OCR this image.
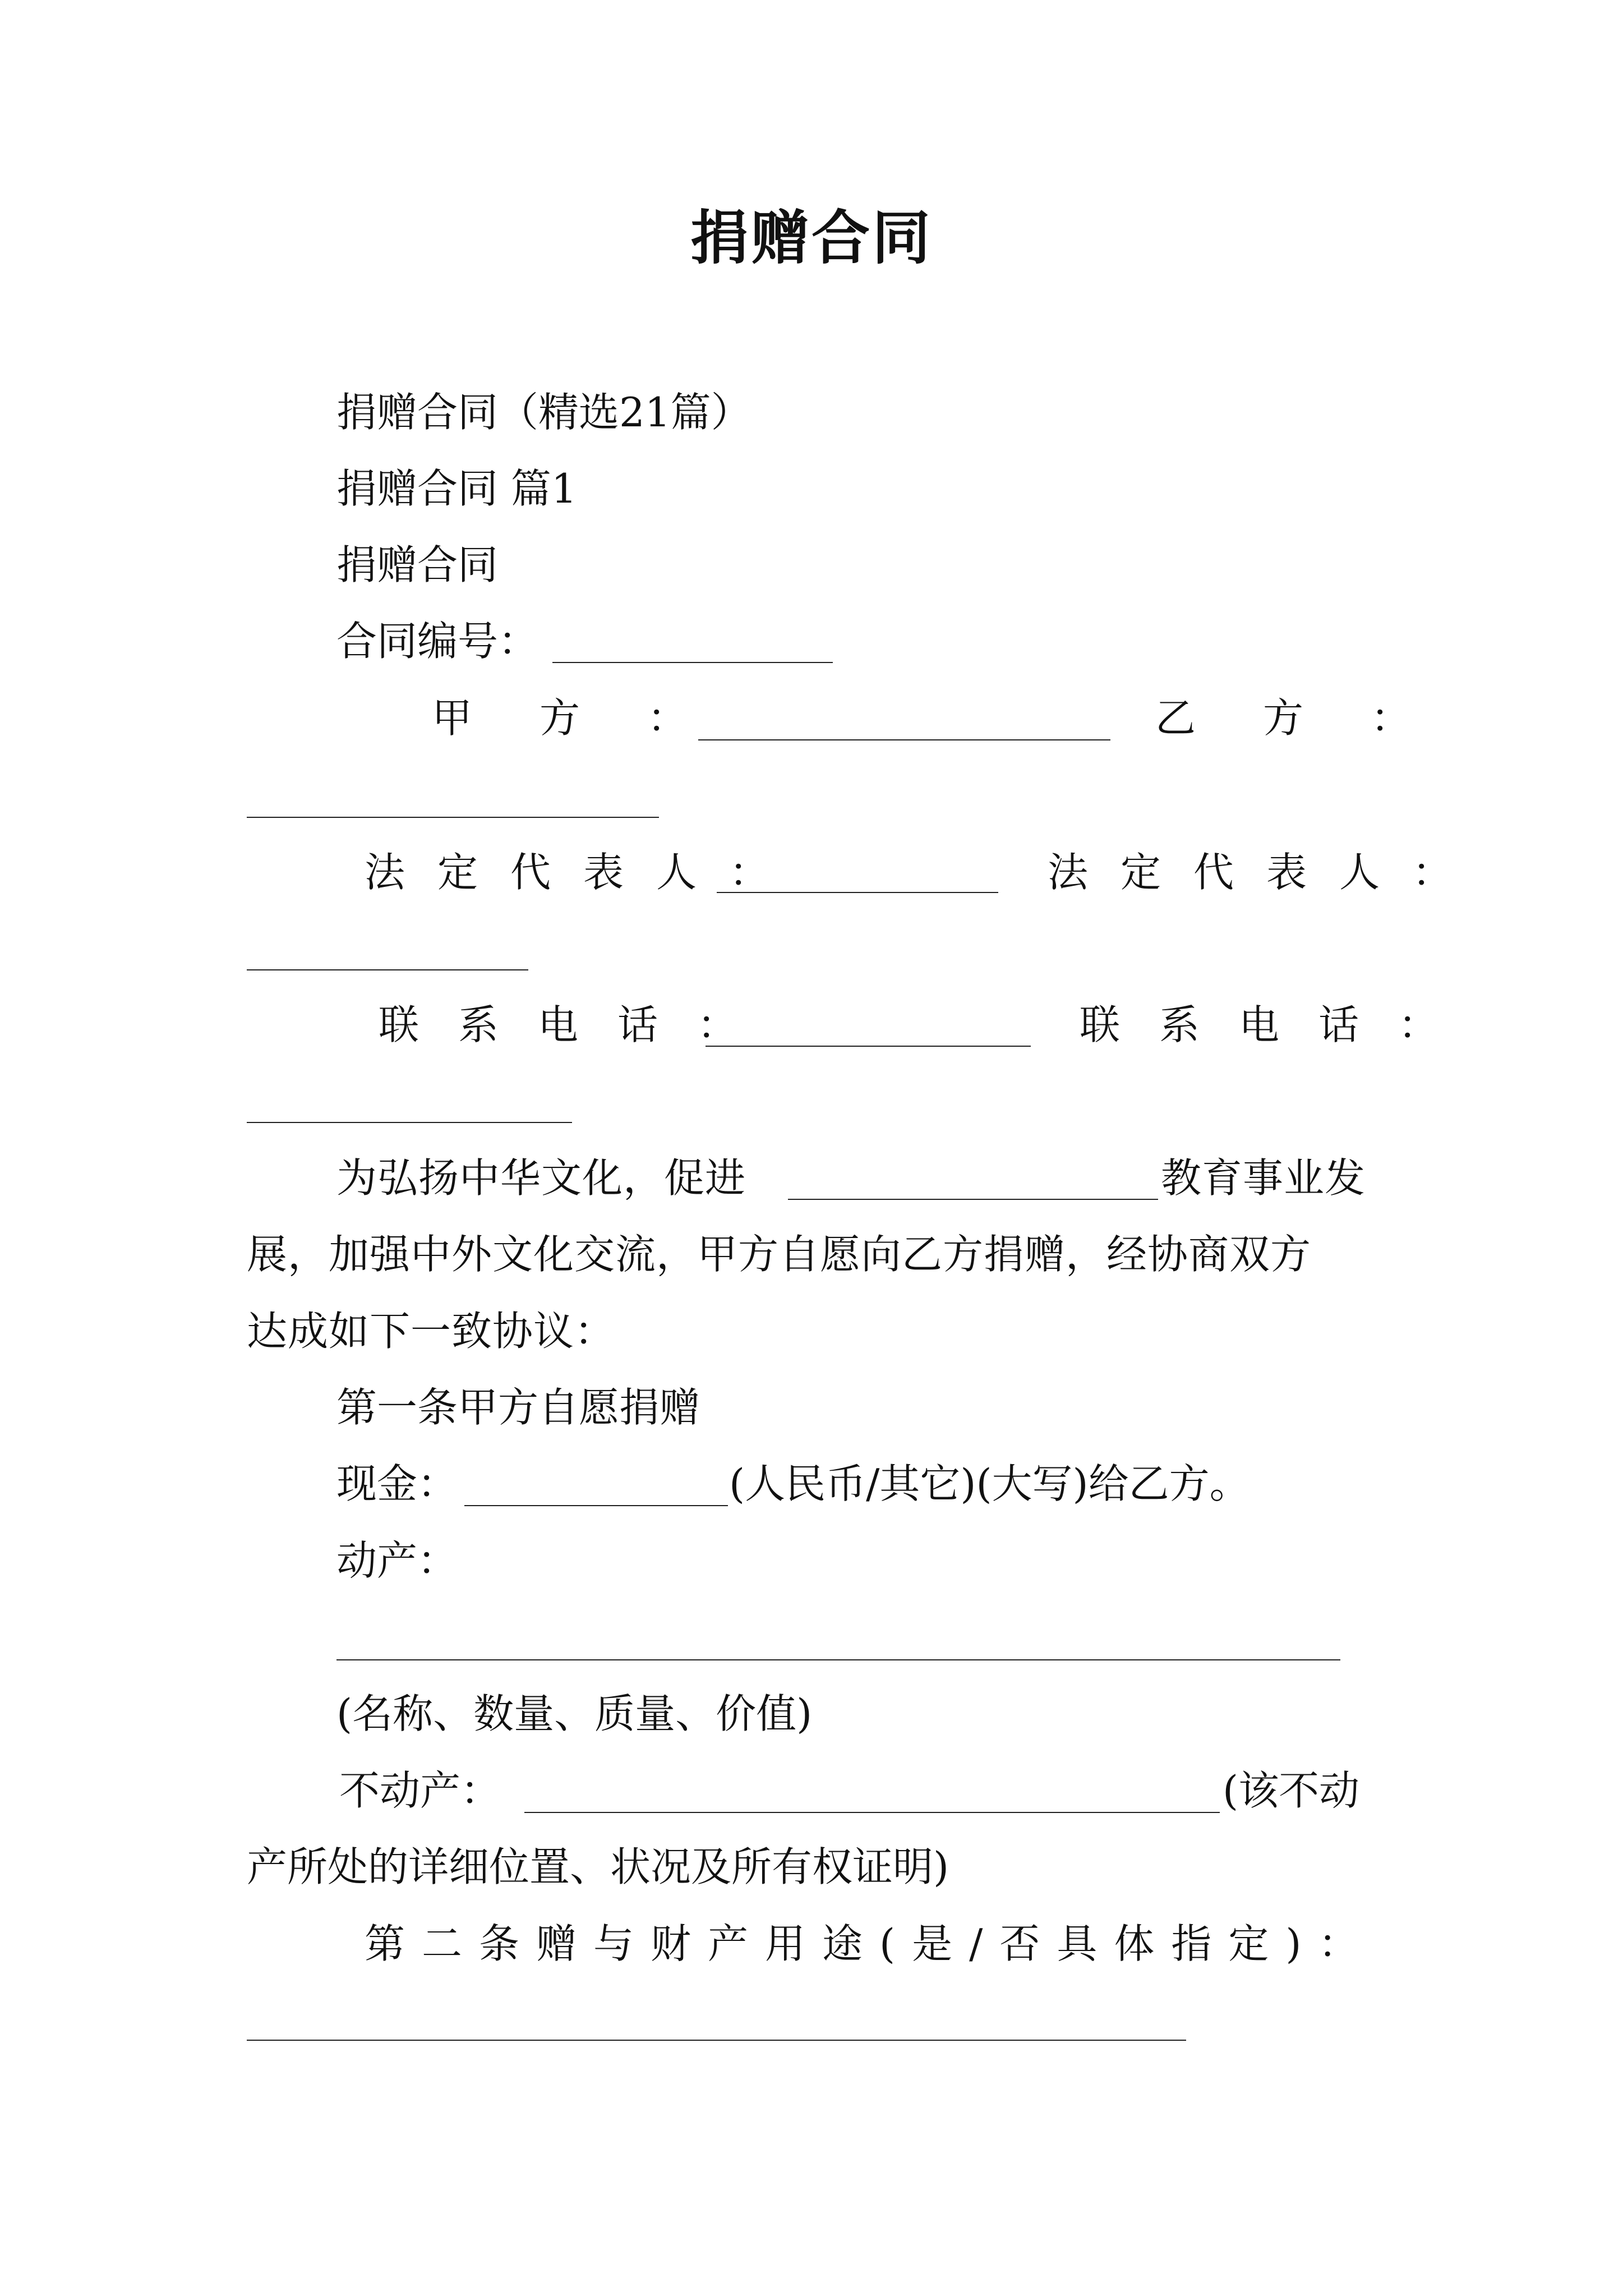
捐赠合同
捐赠合同（精选21篇）
捐赠合同 篇1
捐赠合同
合同编号：
甲　方　：	乙　方　：
法定代表人：	法定代表人：
联系电话：	联系电话：
为弘扬中华文化，促进	教育事业发
展，加强中外文化交流，甲方自愿向乙方捐赠，经协商双方
达成如下一致协议：
第一条甲方自愿捐赠
现金：	(人民币/其它)(大写)给乙方。
动产：
(名称、数量、质量、价值)
不动产：	(该不动
产所处的详细位置、状况及所有权证明)
第二条赠与财产用途(是/否具体指定)：
